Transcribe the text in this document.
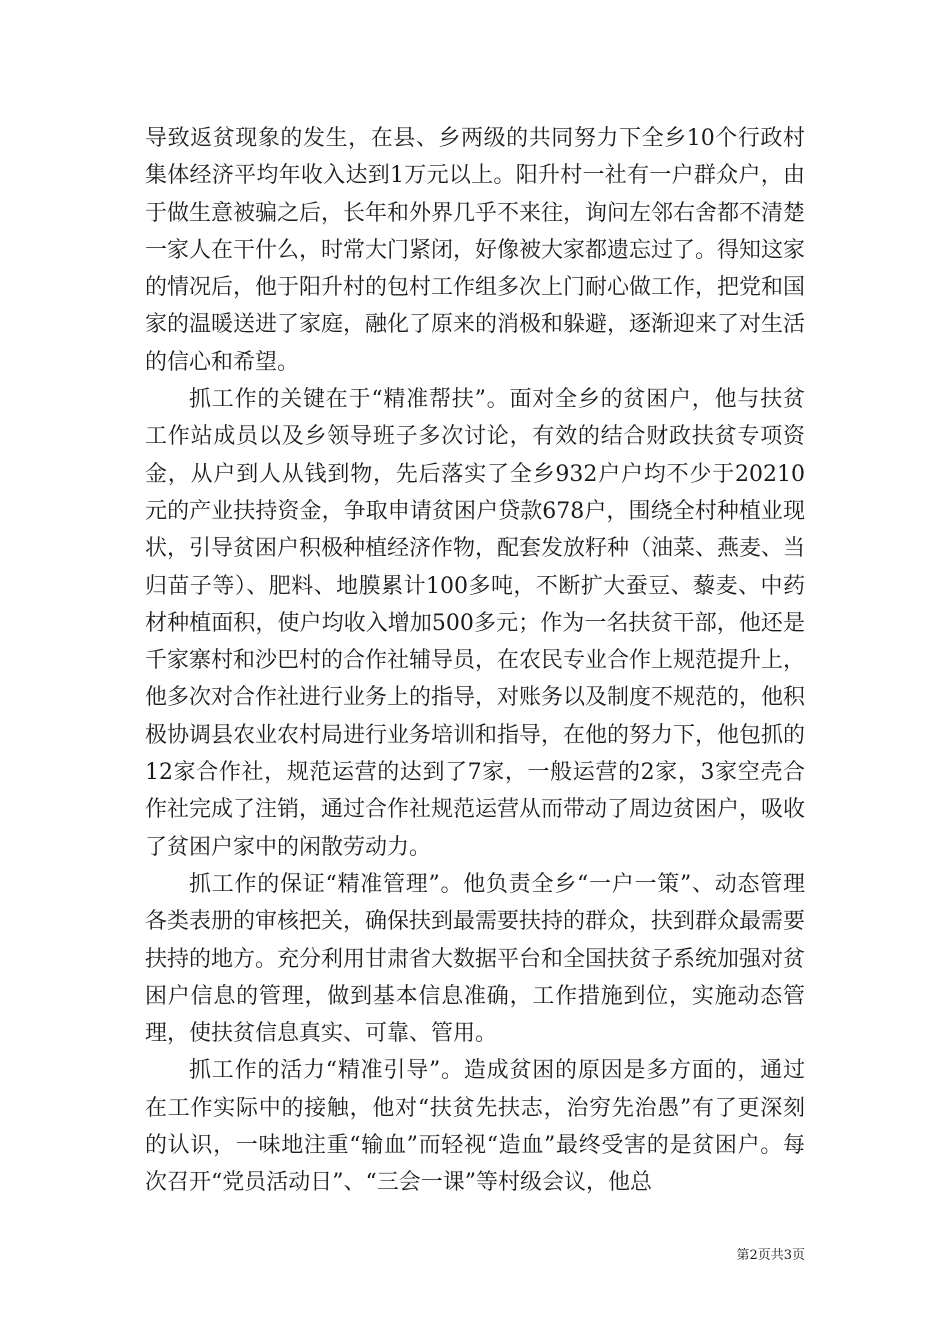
导致返贫现象的发生，在县、乡两级的共同努力下全乡10个行政村集体经济平均年收入达到1万元以上。阳升村一社有一户群众户，由于做生意被骗之后，长年和外界几乎不来往，询问左邻右舍都不清楚一家人在干什么，时常大门紧闭，好像被大家都遗忘过了。得知这家的情况后，他于阳升村的包村工作组多次上门耐心做工作，把党和国家的温暖送进了家庭，融化了原来的消极和躲避，逐渐迎来了对生活的信心和希望。

抓工作的关键在于“精准帮扶”。面对全乡的贫困户，他与扶贫工作站成员以及乡领导班子多次讨论，有效的结合财政扶贫专项资金，从户到人从钱到物，先后落实了全乡932户户均不少于20210元的产业扶持资金，争取申请贫困户贷款678户，围绕全村种植业现状，引导贫困户积极种植经济作物，配套发放籽种（油菜、燕麦、当归苗子等）、肥料、地膜累计100多吨，不断扩大蚕豆、藜麦、中药材种植面积，使户均收入增加500多元；作为一名扶贫干部，他还是千家寨村和沙巴村的合作社辅导员，在农民专业合作上规范提升上，他多次对合作社进行业务上的指导，对账务以及制度不规范的，他积极协调县农业农村局进行业务培训和指导，在他的努力下，他包抓的12家合作社，规范运营的达到了7家，一般运营的2家，3家空壳合作社完成了注销，通过合作社规范运营从而带动了周边贫困户，吸收了贫困户家中的闲散劳动力。

抓工作的保证“精准管理”。他负责全乡“一户一策”、动态管理各类表册的审核把关，确保扶到最需要扶持的群众，扶到群众最需要扶持的地方。充分利用甘肃省大数据平台和全国扶贫子系统加强对贫困户信息的管理，做到基本信息准确，工作措施到位，实施动态管理，使扶贫信息真实、可靠、管用。

抓工作的活力“精准引导”。造成贫困的原因是多方面的，通过在工作实际中的接触，他对“扶贫先扶志，治穷先治愚”有了更深刻的认识，一味地注重“输血”而轻视“造血”最终受害的是贫困户。每次召开“党员活动日”、“三会一课”等村级会议，他总

第2页共3页
